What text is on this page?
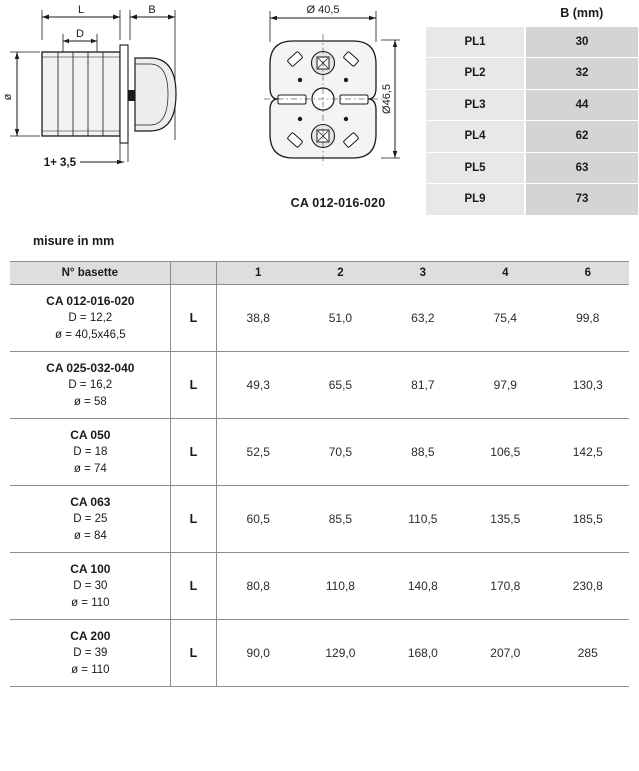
L	B
D
ø
1+ 3,5
Ø 40,5
Ø46,5
CA 012-016-020
	B (mm)
PL1	30
PL2	32
PL3	44
PL4	62
PL5	63
PL9	73
misure in mm
N° basette		1	2	3	4	6

CA 012-016-020
D = 12,2
ø = 40,5x46,5	L	38,8	51,0	63,2	75,4	99,8

CA 025-032-040
D = 16,2
ø = 58	L	49,3	65,5	81,7	97,9	130,3

CA 050
D = 18
ø = 74	L	52,5	70,5	88,5	106,5	142,5

CA 063
D = 25
ø = 84	L	60,5	85,5	110,5	135,5	185,5

CA 100
D = 30
ø = 110	L	80,8	110,8	140,8	170,8	230,8

CA 200
D = 39
ø = 110	L	90,0	129,0	168,0	207,0	285
